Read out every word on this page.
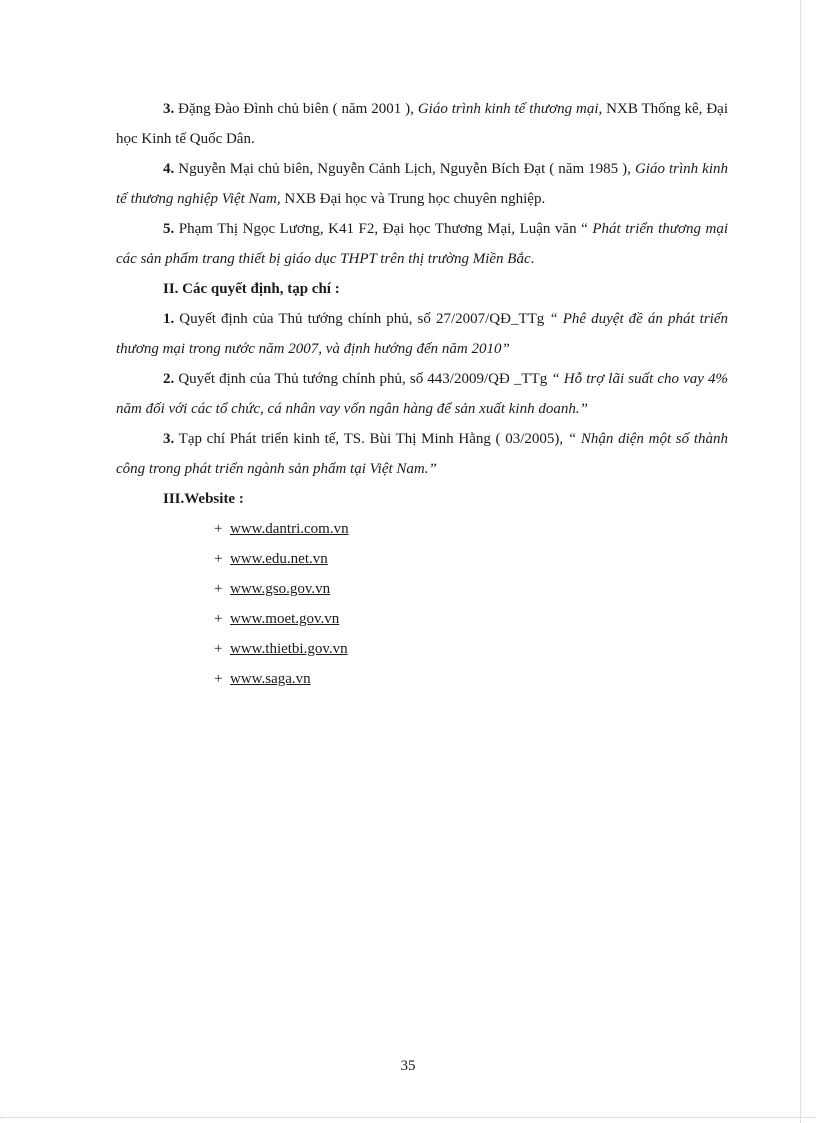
3. Đặng Đào Đình chủ biên ( năm 2001 ), Giáo trình kinh tế thương mại, NXB Thống kê, Đại học Kinh tế Quốc Dân.

4. Nguyễn Mại chủ biên, Nguyễn Cảnh Lịch, Nguyễn Bích Đạt ( năm 1985 ), Giáo trình kinh tế thương nghiệp Việt Nam, NXB Đại học và Trung học chuyên nghiệp.

5. Phạm Thị Ngọc Lương, K41 F2, Đại học Thương Mại, Luận văn “ Phát triển thương mại các sản phẩm trang thiết bị giáo dục THPT trên thị trường Miền Bắc.

II. Các quyết định, tạp chí :

1. Quyết định của Thủ tướng chính phủ, số 27/2007/QĐ_TTg “ Phê duyệt đề án phát triển thương mại trong nước năm 2007, và định hướng đến năm 2010”

2. Quyết định của Thủ tướng chính phủ, số 443/2009/QĐ _TTg “ Hỗ trợ lãi suất cho vay 4% năm đối với các tổ chức, cá nhân vay vốn ngân hàng để sản xuất kinh doanh.”

3. Tạp chí Phát triển kinh tế, TS. Bùi Thị Minh Hằng ( 03/2005), “ Nhận diện một số thành công trong phát triển ngành sản phẩm tại Việt Nam.”

III.Website :

+ www.dantri.com.vn
+ www.edu.net.vn
+ www.gso.gov.vn
+ www.moet.gov.vn
+ www.thietbi.gov.vn
+ www.saga.vn
35
